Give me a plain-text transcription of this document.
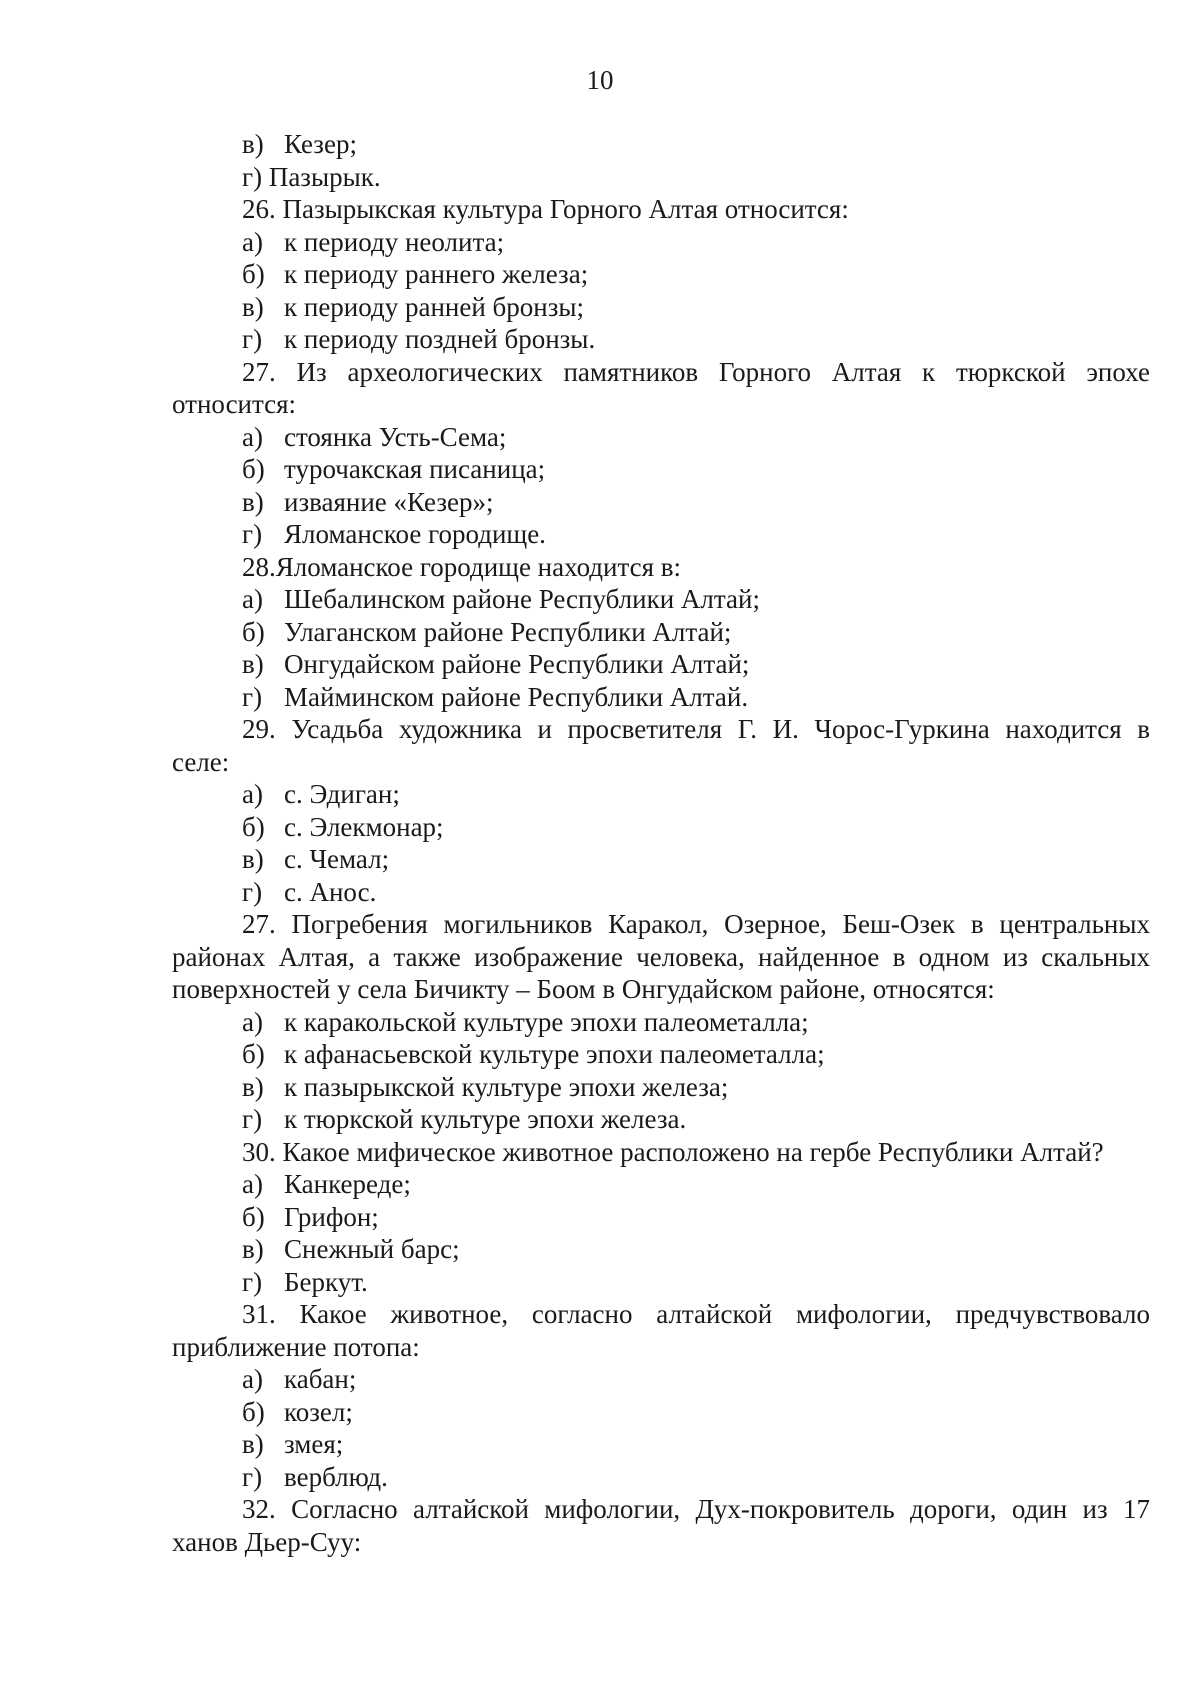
10
в) Кезер;
г) Пазырык.
26. Пазырыкская культура Горного Алтая относится:
а) к периоду неолита;
б) к периоду раннего железа;
в) к периоду ранней бронзы;
г) к периоду поздней бронзы.
27. Из археологических памятников Горного Алтая к тюркской эпохе
относится:
а) стоянка Усть-Сема;
б) турочакская писаница;
в) изваяние «Кезер»;
г) Яломанское городище.
28.Яломанское городище находится в:
а) Шебалинском районе Республики Алтай;
б) Улаганском районе Республики Алтай;
в) Онгудайском районе Республики Алтай;
г) Майминском районе Республики Алтай.
29. Усадьба художника и просветителя Г. И. Чорос-Гуркина находится в
селе:
а) с. Эдиган;
б) с. Элекмонар;
в) с. Чемал;
г) с. Анос.
27. Погребения могильников Каракол, Озерное, Беш-Озек в центральных
районах Алтая, а также изображение человека, найденное в одном из скальных
поверхностей у села Бичикту – Боом в Онгудайском районе, относятся:
а) к каракольской культуре эпохи палеометалла;
б) к афанасьевской культуре эпохи палеометалла;
в) к пазырыкской культуре эпохи железа;
г) к тюркской культуре эпохи железа.
30. Какое мифическое животное расположено на гербе Республики Алтай?
а) Канкереде;
б) Грифон;
в) Снежный барс;
г) Беркут.
31. Какое животное, согласно алтайской мифологии, предчувствовало
приближение потопа:
а) кабан;
б) козел;
в) змея;
г) верблюд.
32. Согласно алтайской мифологии, Дух-покровитель дороги, один из 17
ханов Дьер-Суу:
